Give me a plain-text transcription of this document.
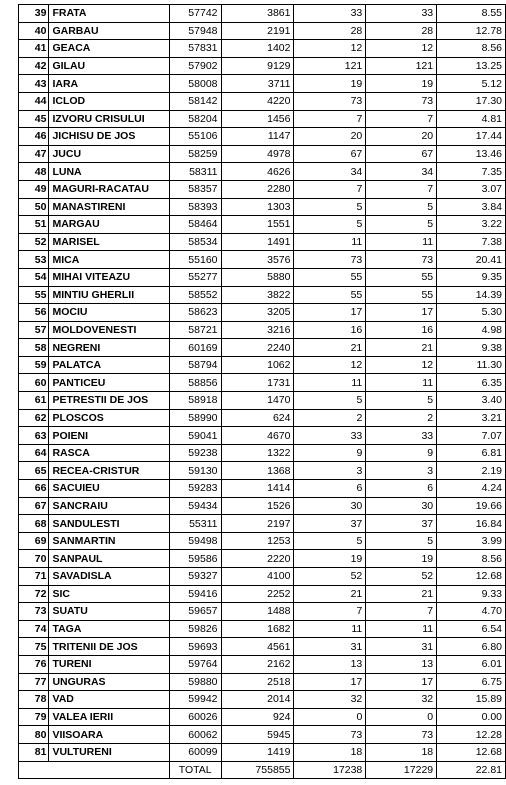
39	FRATA	57742	3861	33	33	8.55
40	GARBAU	57948	2191	28	28	12.78
41	GEACA	57831	1402	12	12	8.56
42	GILAU	57902	9129	121	121	13.25
43	IARA	58008	3711	19	19	5.12
44	ICLOD	58142	4220	73	73	17.30
45	IZVORU CRISULUI	58204	1456	7	7	4.81
46	JICHISU DE JOS	55106	1147	20	20	17.44
47	JUCU	58259	4978	67	67	13.46
48	LUNA	58311	4626	34	34	7.35
49	MAGURI-RACATAU	58357	2280	7	7	3.07
50	MANASTIRENI	58393	1303	5	5	3.84
51	MARGAU	58464	1551	5	5	3.22
52	MARISEL	58534	1491	11	11	7.38
53	MICA	55160	3576	73	73	20.41
54	MIHAI VITEAZU	55277	5880	55	55	9.35
55	MINTIU GHERLII	58552	3822	55	55	14.39
56	MOCIU	58623	3205	17	17	5.30
57	MOLDOVENESTI	58721	3216	16	16	4.98
58	NEGRENI	60169	2240	21	21	9.38
59	PALATCA	58794	1062	12	12	11.30
60	PANTICEU	58856	1731	11	11	6.35
61	PETRESTII DE JOS	58918	1470	5	5	3.40
62	PLOSCOS	58990	624	2	2	3.21
63	POIENI	59041	4670	33	33	7.07
64	RASCA	59238	1322	9	9	6.81
65	RECEA-CRISTUR	59130	1368	3	3	2.19
66	SACUIEU	59283	1414	6	6	4.24
67	SANCRAIU	59434	1526	30	30	19.66
68	SANDULESTI	55311	2197	37	37	16.84
69	SANMARTIN	59498	1253	5	5	3.99
70	SANPAUL	59586	2220	19	19	8.56
71	SAVADISLA	59327	4100	52	52	12.68
72	SIC	59416	2252	21	21	9.33
73	SUATU	59657	1488	7	7	4.70
74	TAGA	59826	1682	11	11	6.54
75	TRITENII DE JOS	59693	4561	31	31	6.80
76	TURENI	59764	2162	13	13	6.01
77	UNGURAS	59880	2518	17	17	6.75
78	VAD	59942	2014	32	32	15.89
79	VALEA IERII	60026	924	0	0	0.00
80	VIISOARA	60062	5945	73	73	12.28
81	VULTURENI	60099	1419	18	18	12.68
		TOTAL	755855	17238	17229	22.81
